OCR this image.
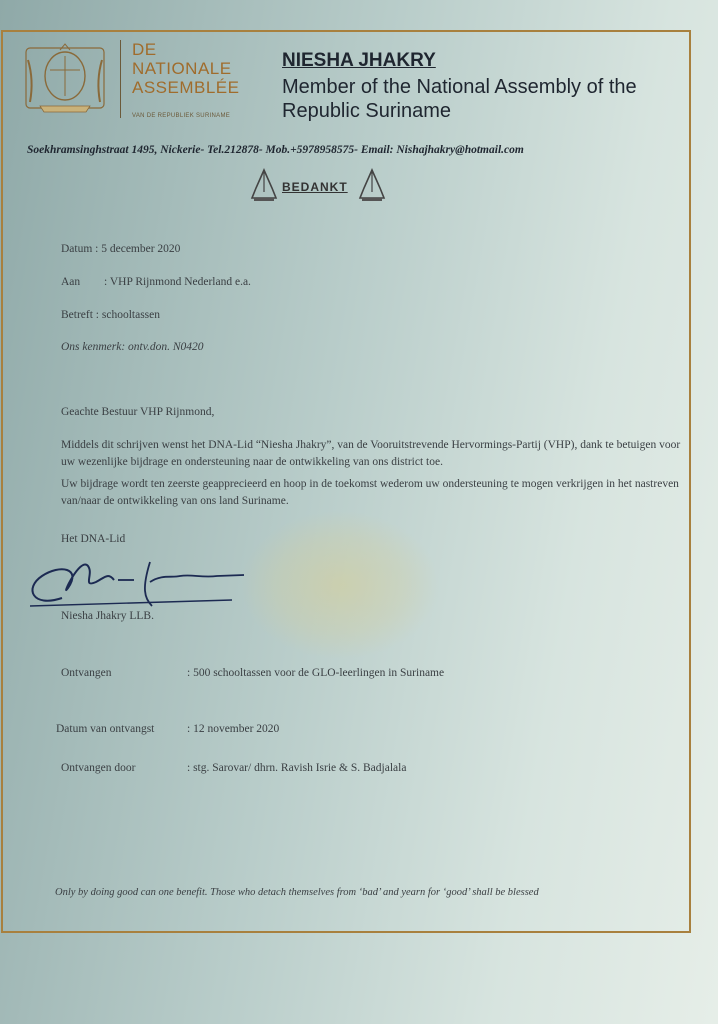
DE
NATIONALE
ASSEMBLÉE
VAN DE REPUBLIEK SURINAME
NIESHA JHAKRY
Member of the National Assembly of the Republic Suriname
Soekhramsinghstraat 1495, Nickerie- Tel.212878- Mob.+5978958575- Email: Nishajhakry@hotmail.com
BEDANKT
Datum : 5 december 2020
Aan : VHP Rijnmond Nederland e.a.
Betreft : schooltassen
Ons kenmerk: ontv.don. N0420
Geachte Bestuur VHP Rijnmond,
Middels dit schrijven wenst het DNA-Lid “Niesha Jhakry”, van de Vooruitstrevende Hervormings-Partij (VHP), dank te betuigen voor uw wezenlijke bijdrage en ondersteuning naar de ontwikkeling van ons district toe.
Uw bijdrage wordt ten zeerste geapprecieerd en hoop in de toekomst wederom uw ondersteuning te mogen verkrijgen in het nastreven van/naar de ontwikkeling van ons land Suriname.
Het DNA-Lid
Niesha Jhakry LLB.
Ontvangen	: 500 schooltassen voor de GLO-leerlingen in Suriname
Datum van ontvangst	: 12 november 2020
Ontvangen door	: stg. Sarovar/ dhrn. Ravish Isrie & S. Badjalala
Only by doing good can one benefit. Those who detach themselves from ‘bad’ and yearn for ‘good’ shall be blessed
